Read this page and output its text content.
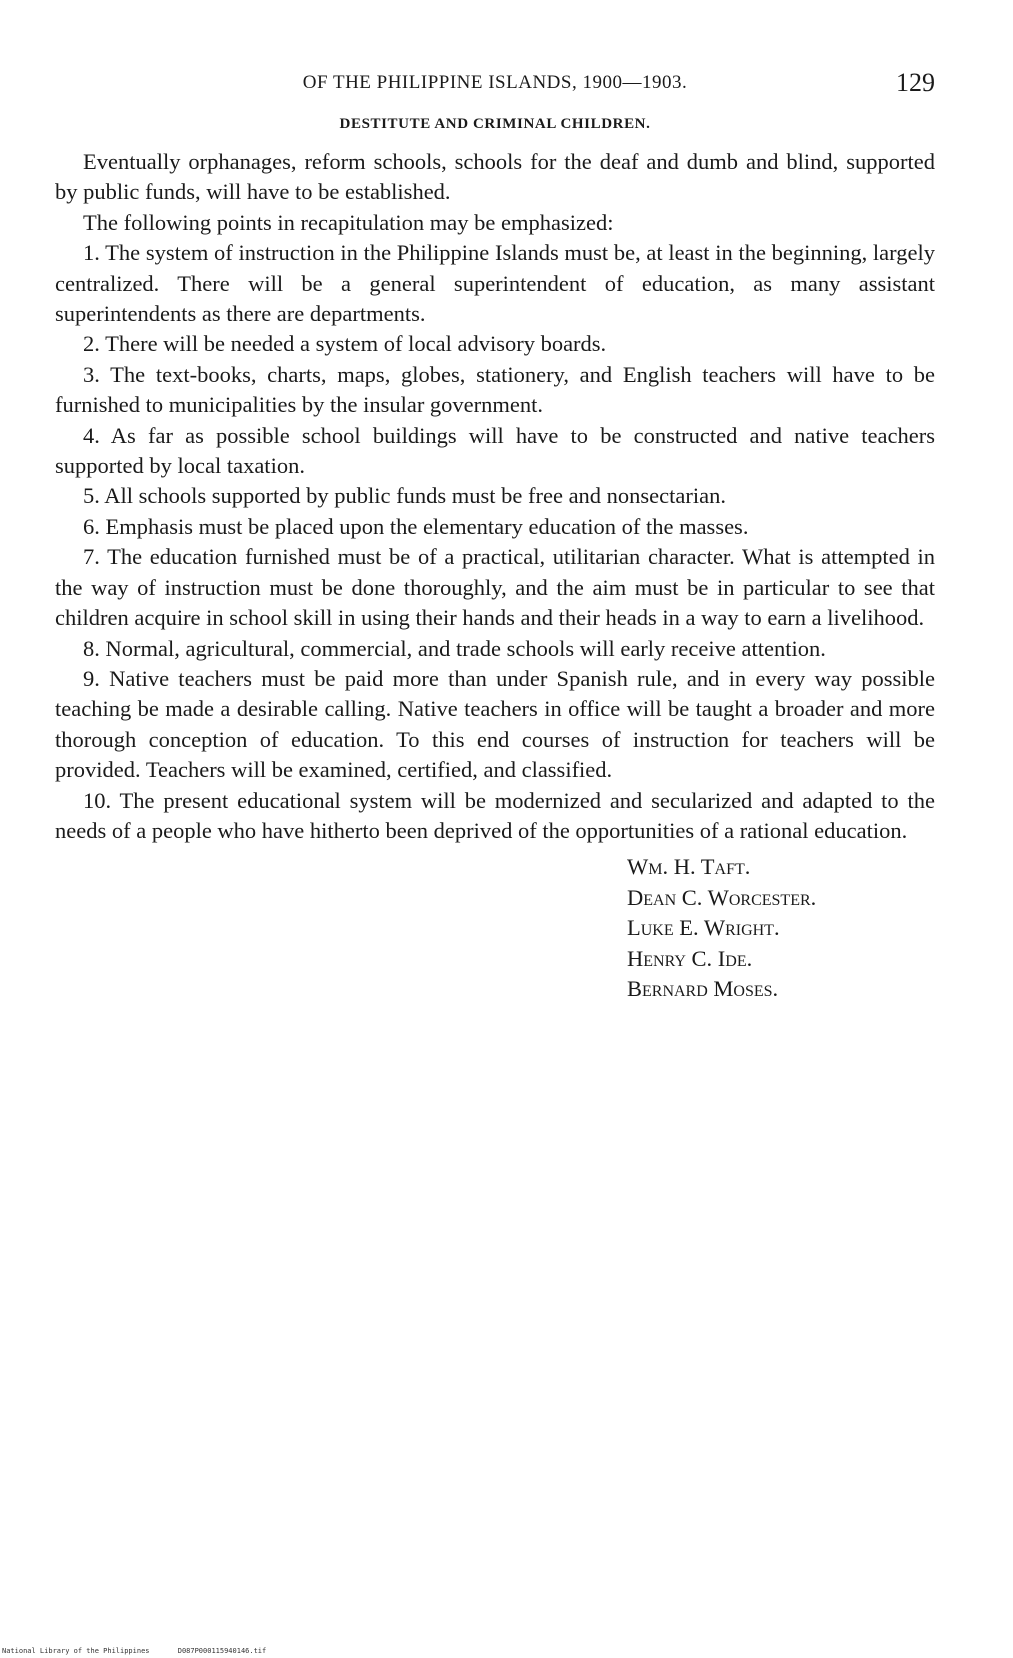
OF THE PHILIPPINE ISLANDS, 1900—1903.	129
DESTITUTE AND CRIMINAL CHILDREN.

Eventually orphanages, reform schools, schools for the deaf and dumb and blind, supported by public funds, will have to be established.

The following points in recapitulation may be emphasized:

1. The system of instruction in the Philippine Islands must be, at least in the beginning, largely centralized. There will be a general superintendent of education, as many assistant superintendents as there are departments.

2. There will be needed a system of local advisory boards.

3. The text-books, charts, maps, globes, stationery, and English teachers will have to be furnished to municipalities by the insular government.

4. As far as possible school buildings will have to be constructed and native teachers supported by local taxation.

5. All schools supported by public funds must be free and nonsectarian.

6. Emphasis must be placed upon the elementary education of the masses.

7. The education furnished must be of a practical, utilitarian character. What is attempted in the way of instruction must be done thoroughly, and the aim must be in particular to see that children acquire in school skill in using their hands and their heads in a way to earn a livelihood.

8. Normal, agricultural, commercial, and trade schools will early receive attention.

9. Native teachers must be paid more than under Spanish rule, and in every way possible teaching be made a desirable calling. Native teachers in office will be taught a broader and more thorough conception of education. To this end courses of instruction for teachers will be provided. Teachers will be examined, certified, and classified.

10. The present educational system will be modernized and secularized and adapted to the needs of a people who have hitherto been deprived of the opportunities of a rational education.

Wm. H. Taft.
Dean C. Worcester.
Luke E. Wright.
Henry C. Ide.
Bernard Moses.
National Library of the Philippines	D087P000115940146.tif
